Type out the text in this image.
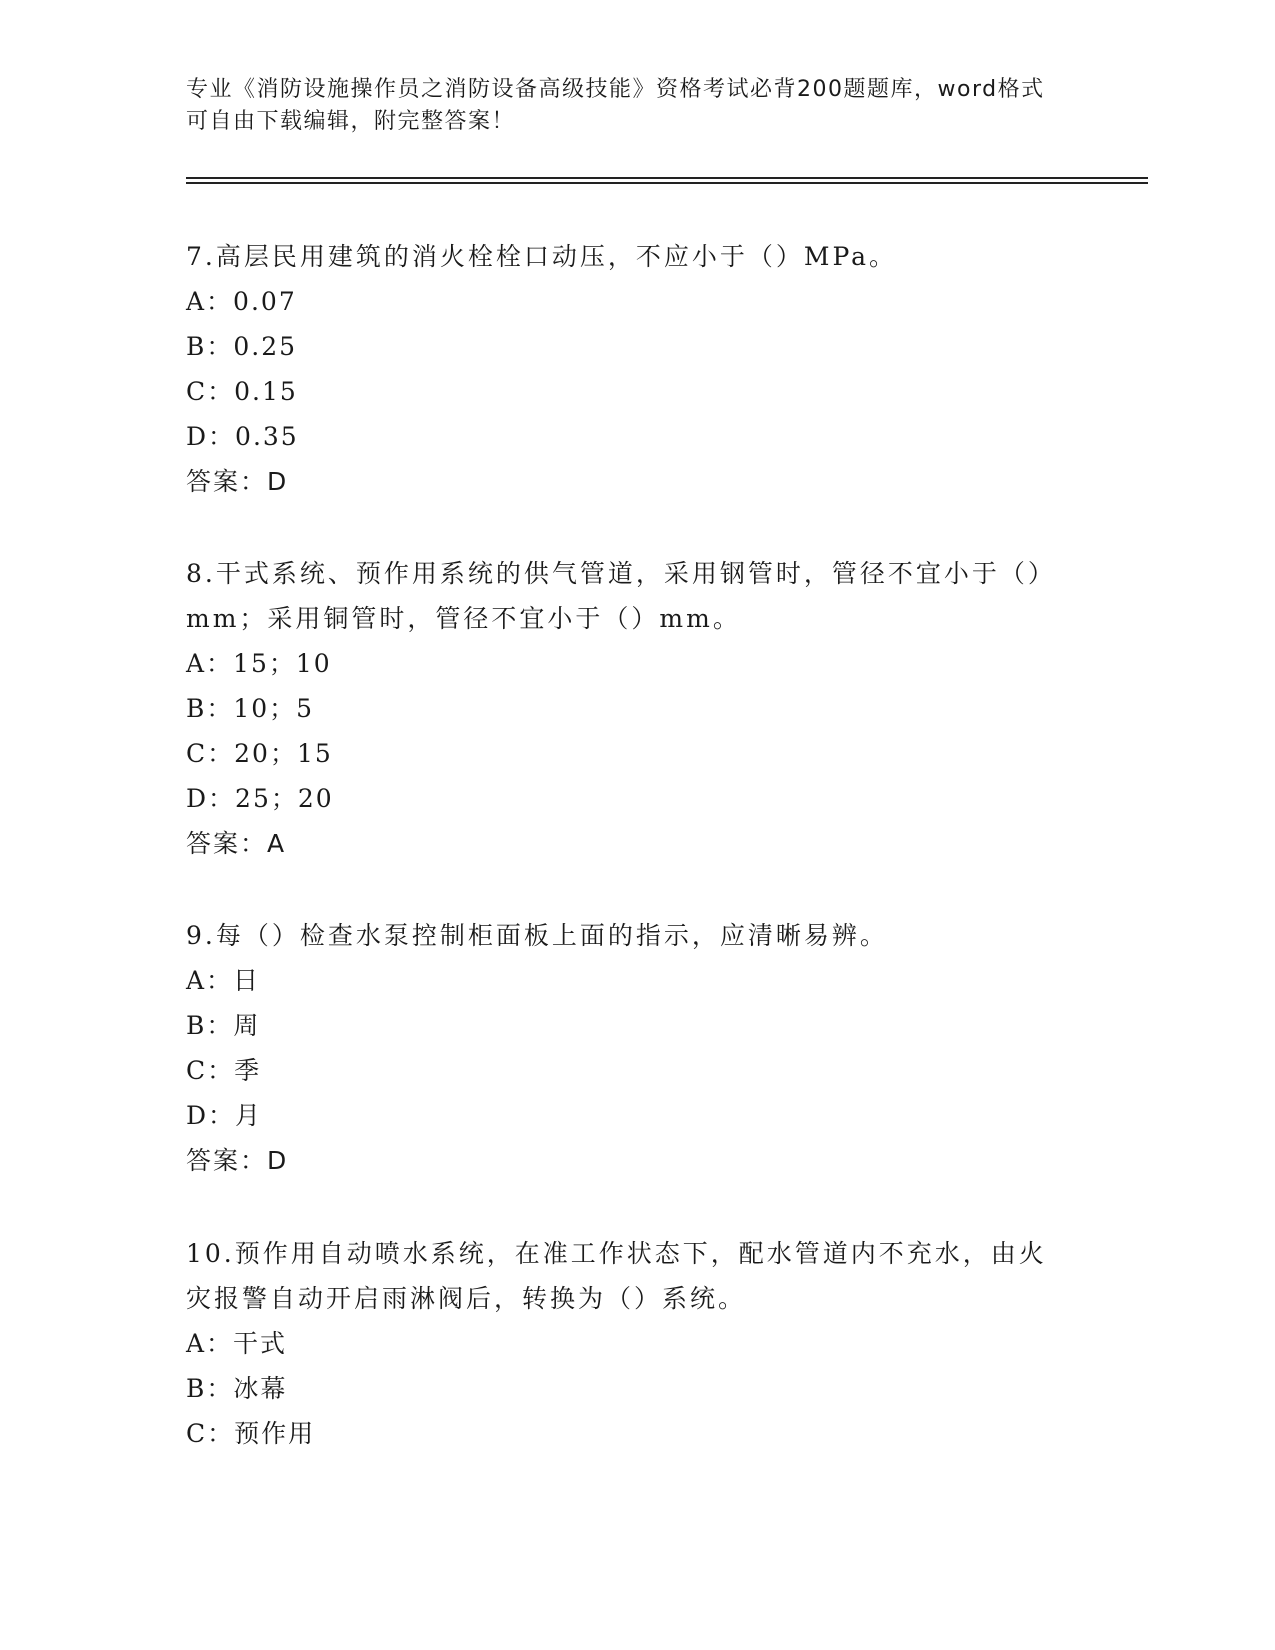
专业《消防设施操作员之消防设备高级技能》资格考试必背200题题库，word格式可自由下载编辑，附完整答案！

7.高层民用建筑的消火栓栓口动压，不应小于（）MPa。

A：0.07

B：0.25

C：0.15

D：0.35

答案：D

8.干式系统、预作用系统的供气管道，采用钢管时，管径不宜小于（）mm；采用铜管时，管径不宜小于（）mm。

A：15；10

B：10；5

C：20；15

D：25；20

答案：A

9.每（）检查水泵控制柜面板上面的指示，应清晰易辨。

A：日

B：周

C：季

D：月

答案：D

10.预作用自动喷水系统，在准工作状态下，配水管道内不充水，由火灾报警自动开启雨淋阀后，转换为（）系统。

A：干式

B：冰幕

C：预作用
